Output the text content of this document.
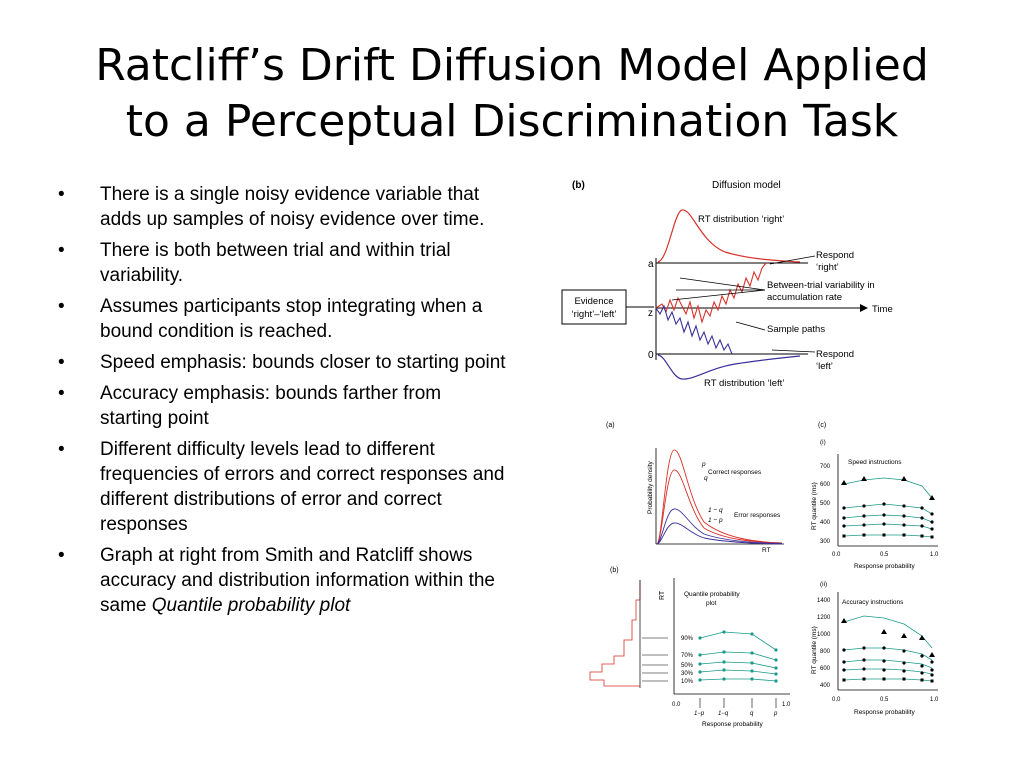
Ratcliff’s Drift Diffusion Model Applied
to a Perceptual Discrimination Task
• There is a single noisy evidence variable that adds up samples of noisy evidence over time.
• There is both between trial and within trial variability.
• Assumes participants stop integrating when a bound condition is reached.
• Speed emphasis: bounds closer to starting point
• Accuracy emphasis: bounds farther from starting point
• Different difficulty levels lead to different frequencies of errors and correct responses and different distributions of error and correct responses
• Graph at right from Smith and Ratcliff shows accuracy and distribution information within the same Quantile probability plot
(b)	Diffusion model
RT distribution ‘right’
a
z
0
RT distribution ‘left’
Evidence
‘right’–‘left’
Respond
‘right’
Between-trial variability in
accumulation rate
Time
Sample paths
Respond
‘left’
(a)
Probability density	p
q
Correct responses
1 − q
1 − p
Error responses
RT
(b)
RT	Quantile probability
plot
90%
70%
50%
30%
10%
0.0	1.0
1−p 1−q	q	p
Response probability
(c)
(i)
Speed instructions
RT quantile (ms)
700
600
500
400
300
0.0	0.5	1.0
Response probability
(ii)
Accuracy instructions
RT quantile (ms)
1400
1200
1000
800
600
400
0.0	0.5	1.0
Response probability
